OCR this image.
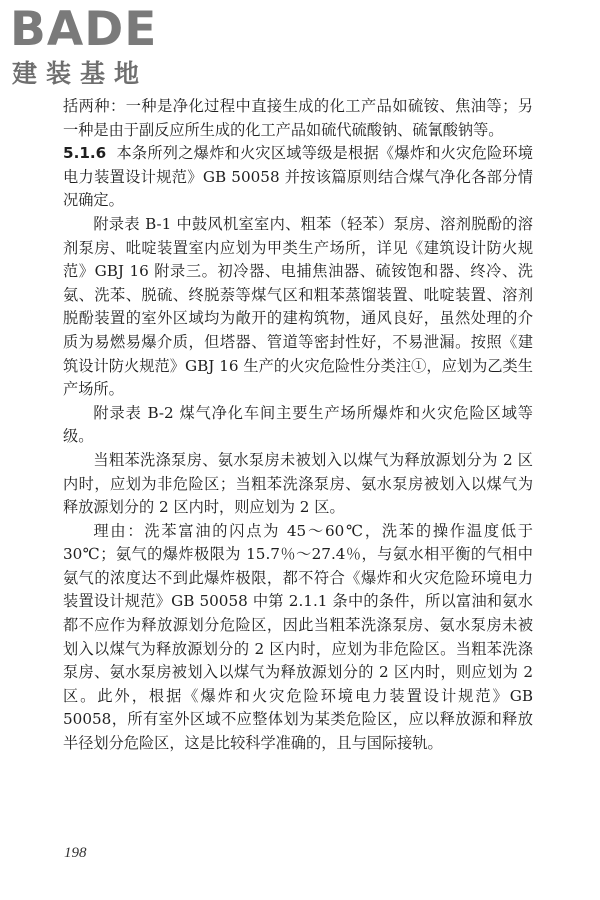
BADE
建装基地

括两种：一种是净化过程中直接生成的化工产品如硫铵、焦油等；另一种是由于副反应所生成的化工产品如硫代硫酸钠、硫氰酸钠等。

5.1.6 本条所列之爆炸和火灾区域等级是根据《爆炸和火灾危险环境电力装置设计规范》GB 50058 并按该篇原则结合煤气净化各部分情况确定。

附录表 B-1 中鼓风机室室内、粗苯（轻苯）泵房、溶剂脱酚的溶剂泵房、吡啶装置室内应划为甲类生产场所，详见《建筑设计防火规范》GBJ 16 附录三。初冷器、电捕焦油器、硫铵饱和器、终冷、洗氨、洗苯、脱硫、终脱萘等煤气区和粗苯蒸馏装置、吡啶装置、溶剂脱酚装置的室外区域均为敞开的建构筑物，通风良好，虽然处理的介质为易燃易爆介质，但塔器、管道等密封性好，不易泄漏。按照《建筑设计防火规范》GBJ 16 生产的火灾危险性分类注①，应划为乙类生产场所。

附录表 B-2 煤气净化车间主要生产场所爆炸和火灾危险区域等级。

当粗苯洗涤泵房、氨水泵房未被划入以煤气为释放源划分为 2 区内时，应划为非危险区；当粗苯洗涤泵房、氨水泵房被划入以煤气为释放源划分的 2 区内时，则应划为 2 区。

理由：洗苯富油的闪点为 45～60℃，洗苯的操作温度低于 30℃；氨气的爆炸极限为 15.7％～27.4％，与氨水相平衡的气相中氨气的浓度达不到此爆炸极限，都不符合《爆炸和火灾危险环境电力装置设计规范》GB 50058 中第 2.1.1 条中的条件，所以富油和氨水都不应作为释放源划分危险区，因此当粗苯洗涤泵房、氨水泵房未被划入以煤气为释放源划分的 2 区内时，应划为非危险区。当粗苯洗涤泵房、氨水泵房被划入以煤气为释放源划分的 2 区内时，则应划为 2 区。此外，根据《爆炸和火灾危险环境电力装置设计规范》GB 50058，所有室外区域不应整体划为某类危险区，应以释放源和释放半径划分危险区，这是比较科学准确的，且与国际接轨。

198
